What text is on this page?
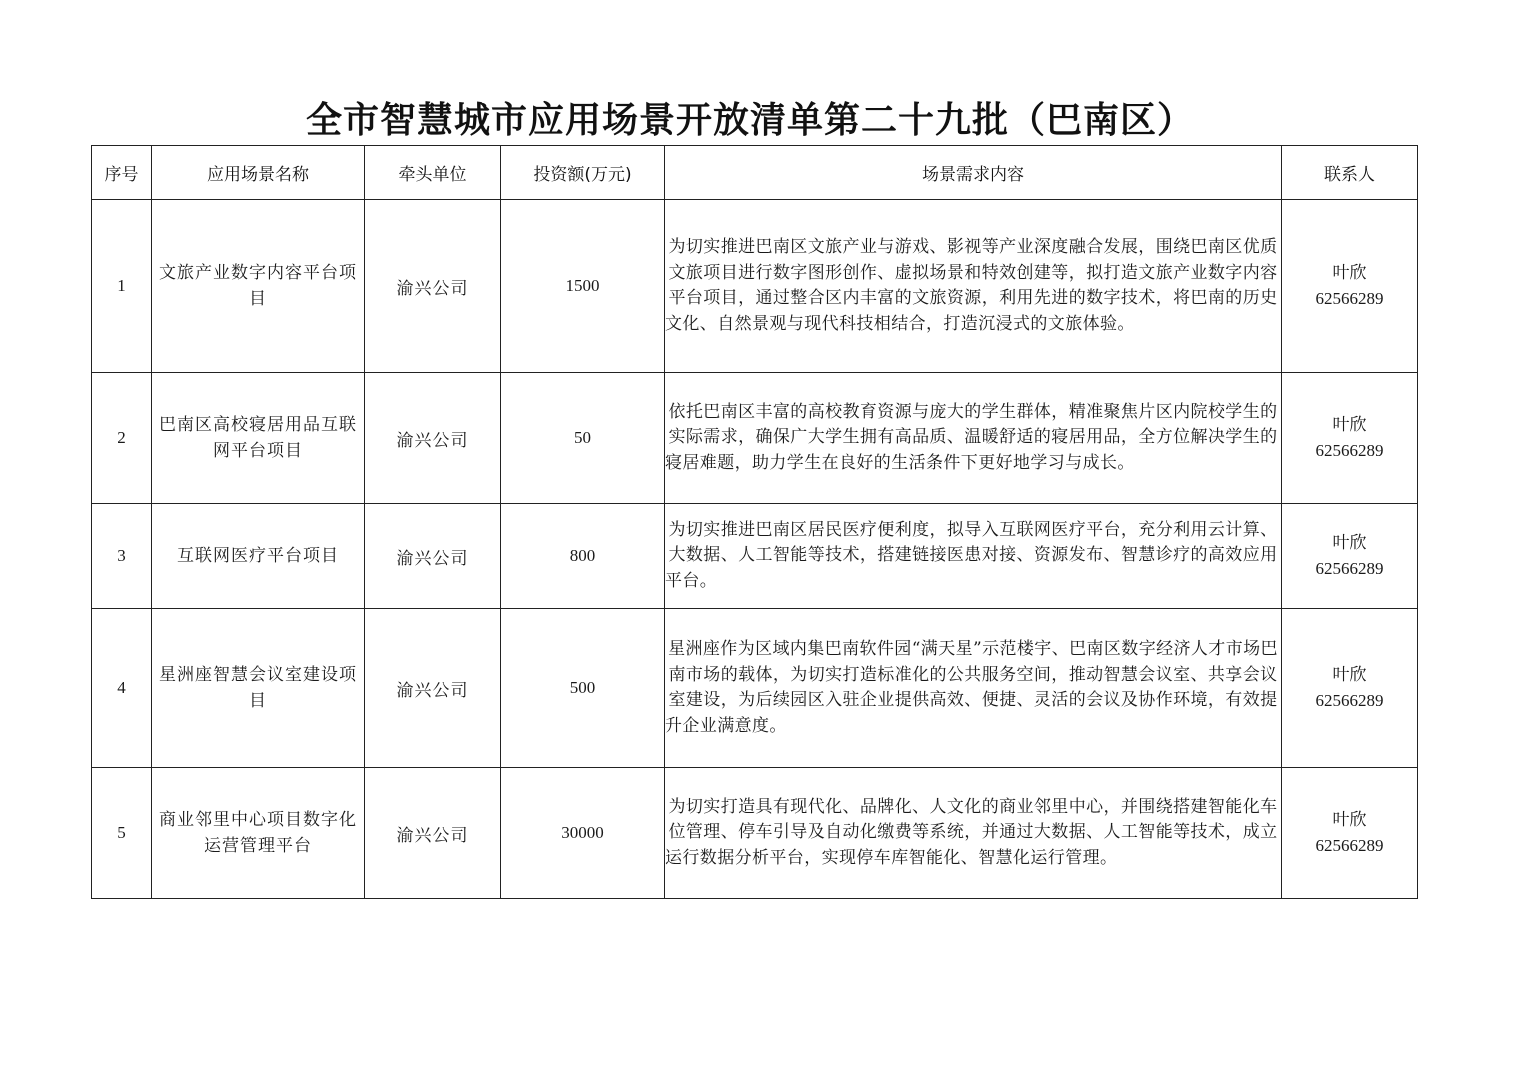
全市智慧城市应用场景开放清单第二十九批（巴南区）
序号	应用场景名称	牵头单位	投资额(万元)	场景需求内容	联系人
1	文旅产业数字内容平台项目	渝兴公司	1500	为切实推进巴南区文旅产业与游戏、影视等产业深度融合发展，围绕巴南区优质文旅项目进行数字图形创作、虚拟场景和特效创建等，拟打造文旅产业数字内容平台项目，通过整合区内丰富的文旅资源，利用先进的数字技术，将巴南的历史文化、自然景观与现代科技相结合，打造沉浸式的文旅体验。	叶欣
62566289

2	巴南区高校寝居用品互联网平台项目	渝兴公司	50	依托巴南区丰富的高校教育资源与庞大的学生群体，精准聚焦片区内院校学生的实际需求，确保广大学生拥有高品质、温暖舒适的寝居用品，全方位解决学生的寝居难题，助力学生在良好的生活条件下更好地学习与成长。	叶欣
62566289

3	互联网医疗平台项目	渝兴公司	800	为切实推进巴南区居民医疗便利度，拟导入互联网医疗平台，充分利用云计算、大数据、人工智能等技术，搭建链接医患对接、资源发布、智慧诊疗的高效应用平台。	叶欣
62566289

4	星洲座智慧会议室建设项目	渝兴公司	500	星洲座作为区域内集巴南软件园“满天星”示范楼宇、巴南区数字经济人才市场巴南市场的载体，为切实打造标准化的公共服务空间，推动智慧会议室、共享会议室建设，为后续园区入驻企业提供高效、便捷、灵活的会议及协作环境，有效提升企业满意度。	叶欣
62566289

5	商业邻里中心项目数字化运营管理平台	渝兴公司	30000	为切实打造具有现代化、品牌化、人文化的商业邻里中心，并围绕搭建智能化车位管理、停车引导及自动化缴费等系统，并通过大数据、人工智能等技术，成立运行数据分析平台，实现停车库智能化、智慧化运行管理。	叶欣
62566289
